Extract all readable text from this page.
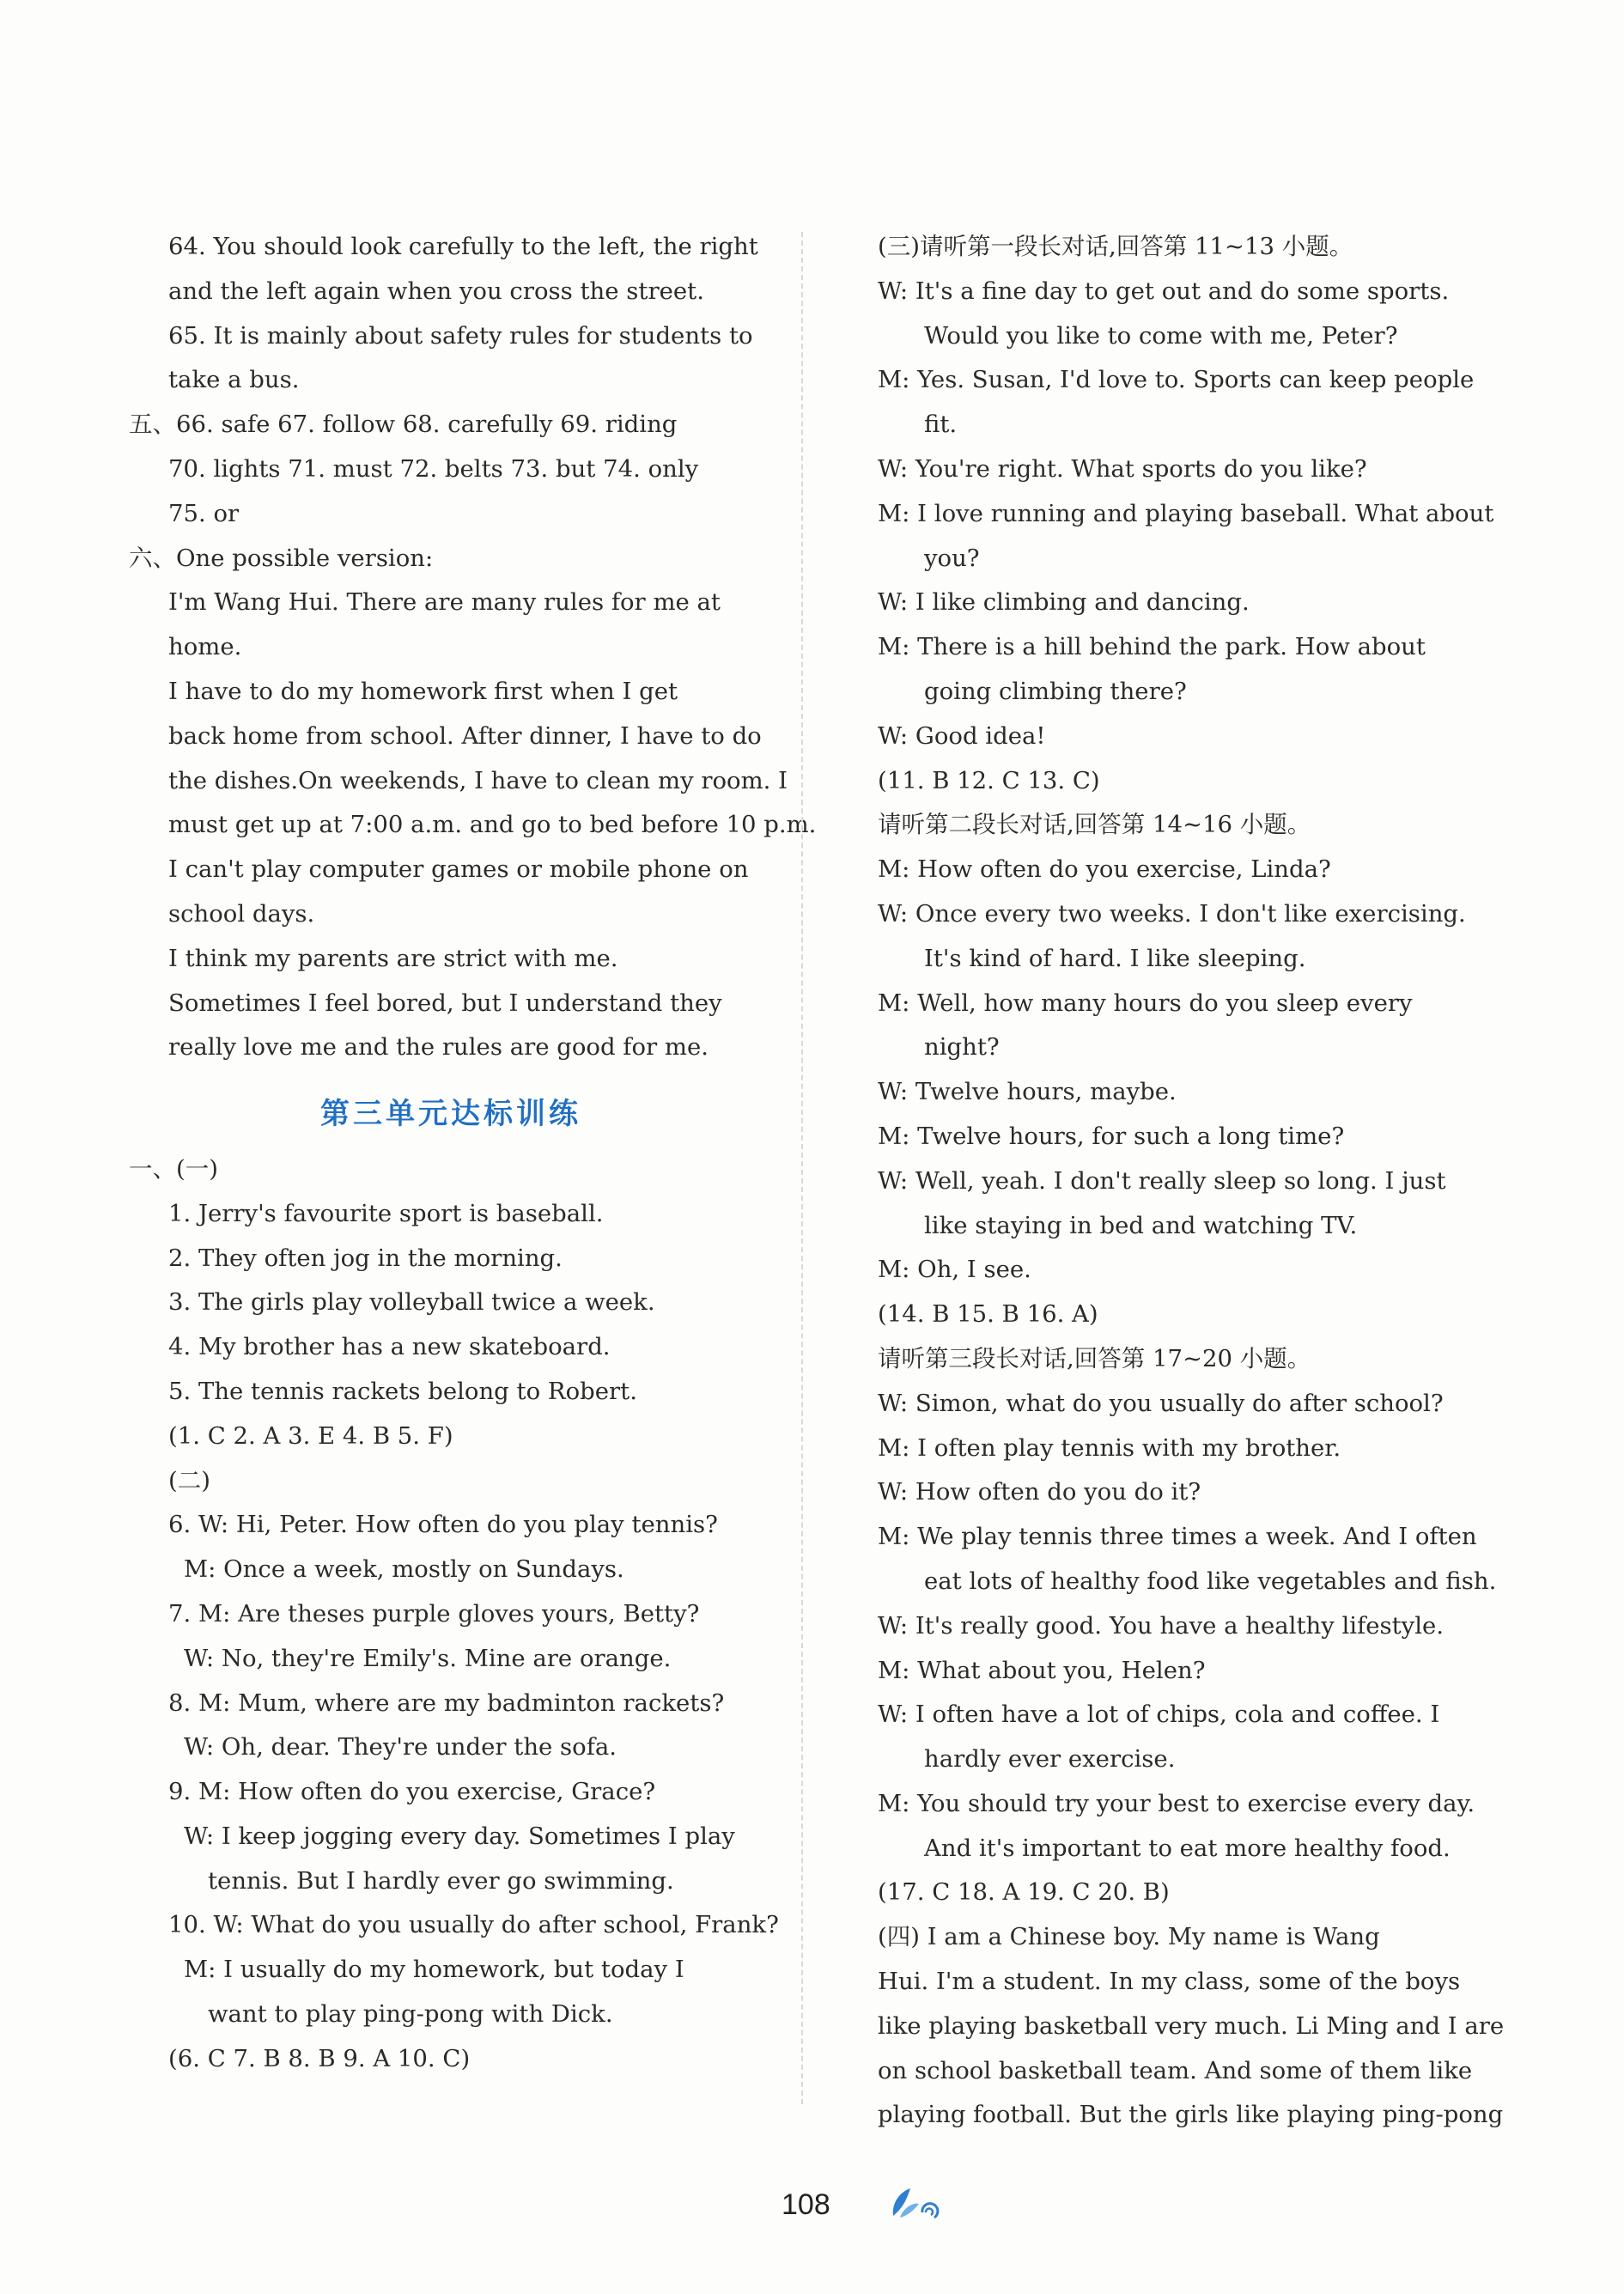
64. You should look carefully to the left, the right
and the left again when you cross the street.
65. It is mainly about safety rules for students to
take a bus.
五、66. safe 67. follow 68. carefully 69. riding
70. lights 71. must 72. belts 73. but 74. only
75. or
六、One possible version:
I'm Wang Hui. There are many rules for me at
home.
I have to do my homework first when I get
back home from school. After dinner, I have to do
the dishes.On weekends, I have to clean my room. I
must get up at 7:00 a.m. and go to bed before 10 p.m.
I can't play computer games or mobile phone on
school days.
I think my parents are strict with me.
Sometimes I feel bored, but I understand they
really love me and the rules are good for me.
第三单元达标训练
一、(一)
1. Jerry's favourite sport is baseball.
2. They often jog in the morning.
3. The girls play volleyball twice a week.
4. My brother has a new skateboard.
5. The tennis rackets belong to Robert.
(1. C 2. A 3. E 4. B 5. F)
(二)
6. W: Hi, Peter. How often do you play tennis?
M: Once a week, mostly on Sundays.
7. M: Are theses purple gloves yours, Betty?
W: No, they're Emily's. Mine are orange.
8. M: Mum, where are my badminton rackets?
W: Oh, dear. They're under the sofa.
9. M: How often do you exercise, Grace?
W: I keep jogging every day. Sometimes I play
tennis. But I hardly ever go swimming.
10. W: What do you usually do after school, Frank?
M: I usually do my homework, but today I
want to play ping-pong with Dick.
(6. C 7. B 8. B 9. A 10. C)
(三)请听第一段长对话,回答第 11~13 小题。
W: It's a fine day to get out and do some sports.
Would you like to come with me, Peter?
M: Yes. Susan, I'd love to. Sports can keep people
fit.
W: You're right. What sports do you like?
M: I love running and playing baseball. What about
you?
W: I like climbing and dancing.
M: There is a hill behind the park. How about
going climbing there?
W: Good idea!
(11. B 12. C 13. C)
请听第二段长对话,回答第 14~16 小题。
M: How often do you exercise, Linda?
W: Once every two weeks. I don't like exercising.
It's kind of hard. I like sleeping.
M: Well, how many hours do you sleep every
night?
W: Twelve hours, maybe.
M: Twelve hours, for such a long time?
W: Well, yeah. I don't really sleep so long. I just
like staying in bed and watching TV.
M: Oh, I see.
(14. B 15. B 16. A)
请听第三段长对话,回答第 17~20 小题。
W: Simon, what do you usually do after school?
M: I often play tennis with my brother.
W: How often do you do it?
M: We play tennis three times a week. And I often
eat lots of healthy food like vegetables and fish.
W: It's really good. You have a healthy lifestyle.
M: What about you, Helen?
W: I often have a lot of chips, cola and coffee. I
hardly ever exercise.
M: You should try your best to exercise every day.
And it's important to eat more healthy food.
(17. C 18. A 19. C 20. B)
(四) I am a Chinese boy. My name is Wang
Hui. I'm a student. In my class, some of the boys
like playing basketball very much. Li Ming and I are
on school basketball team. And some of them like
playing football. But the girls like playing ping-pong
108
